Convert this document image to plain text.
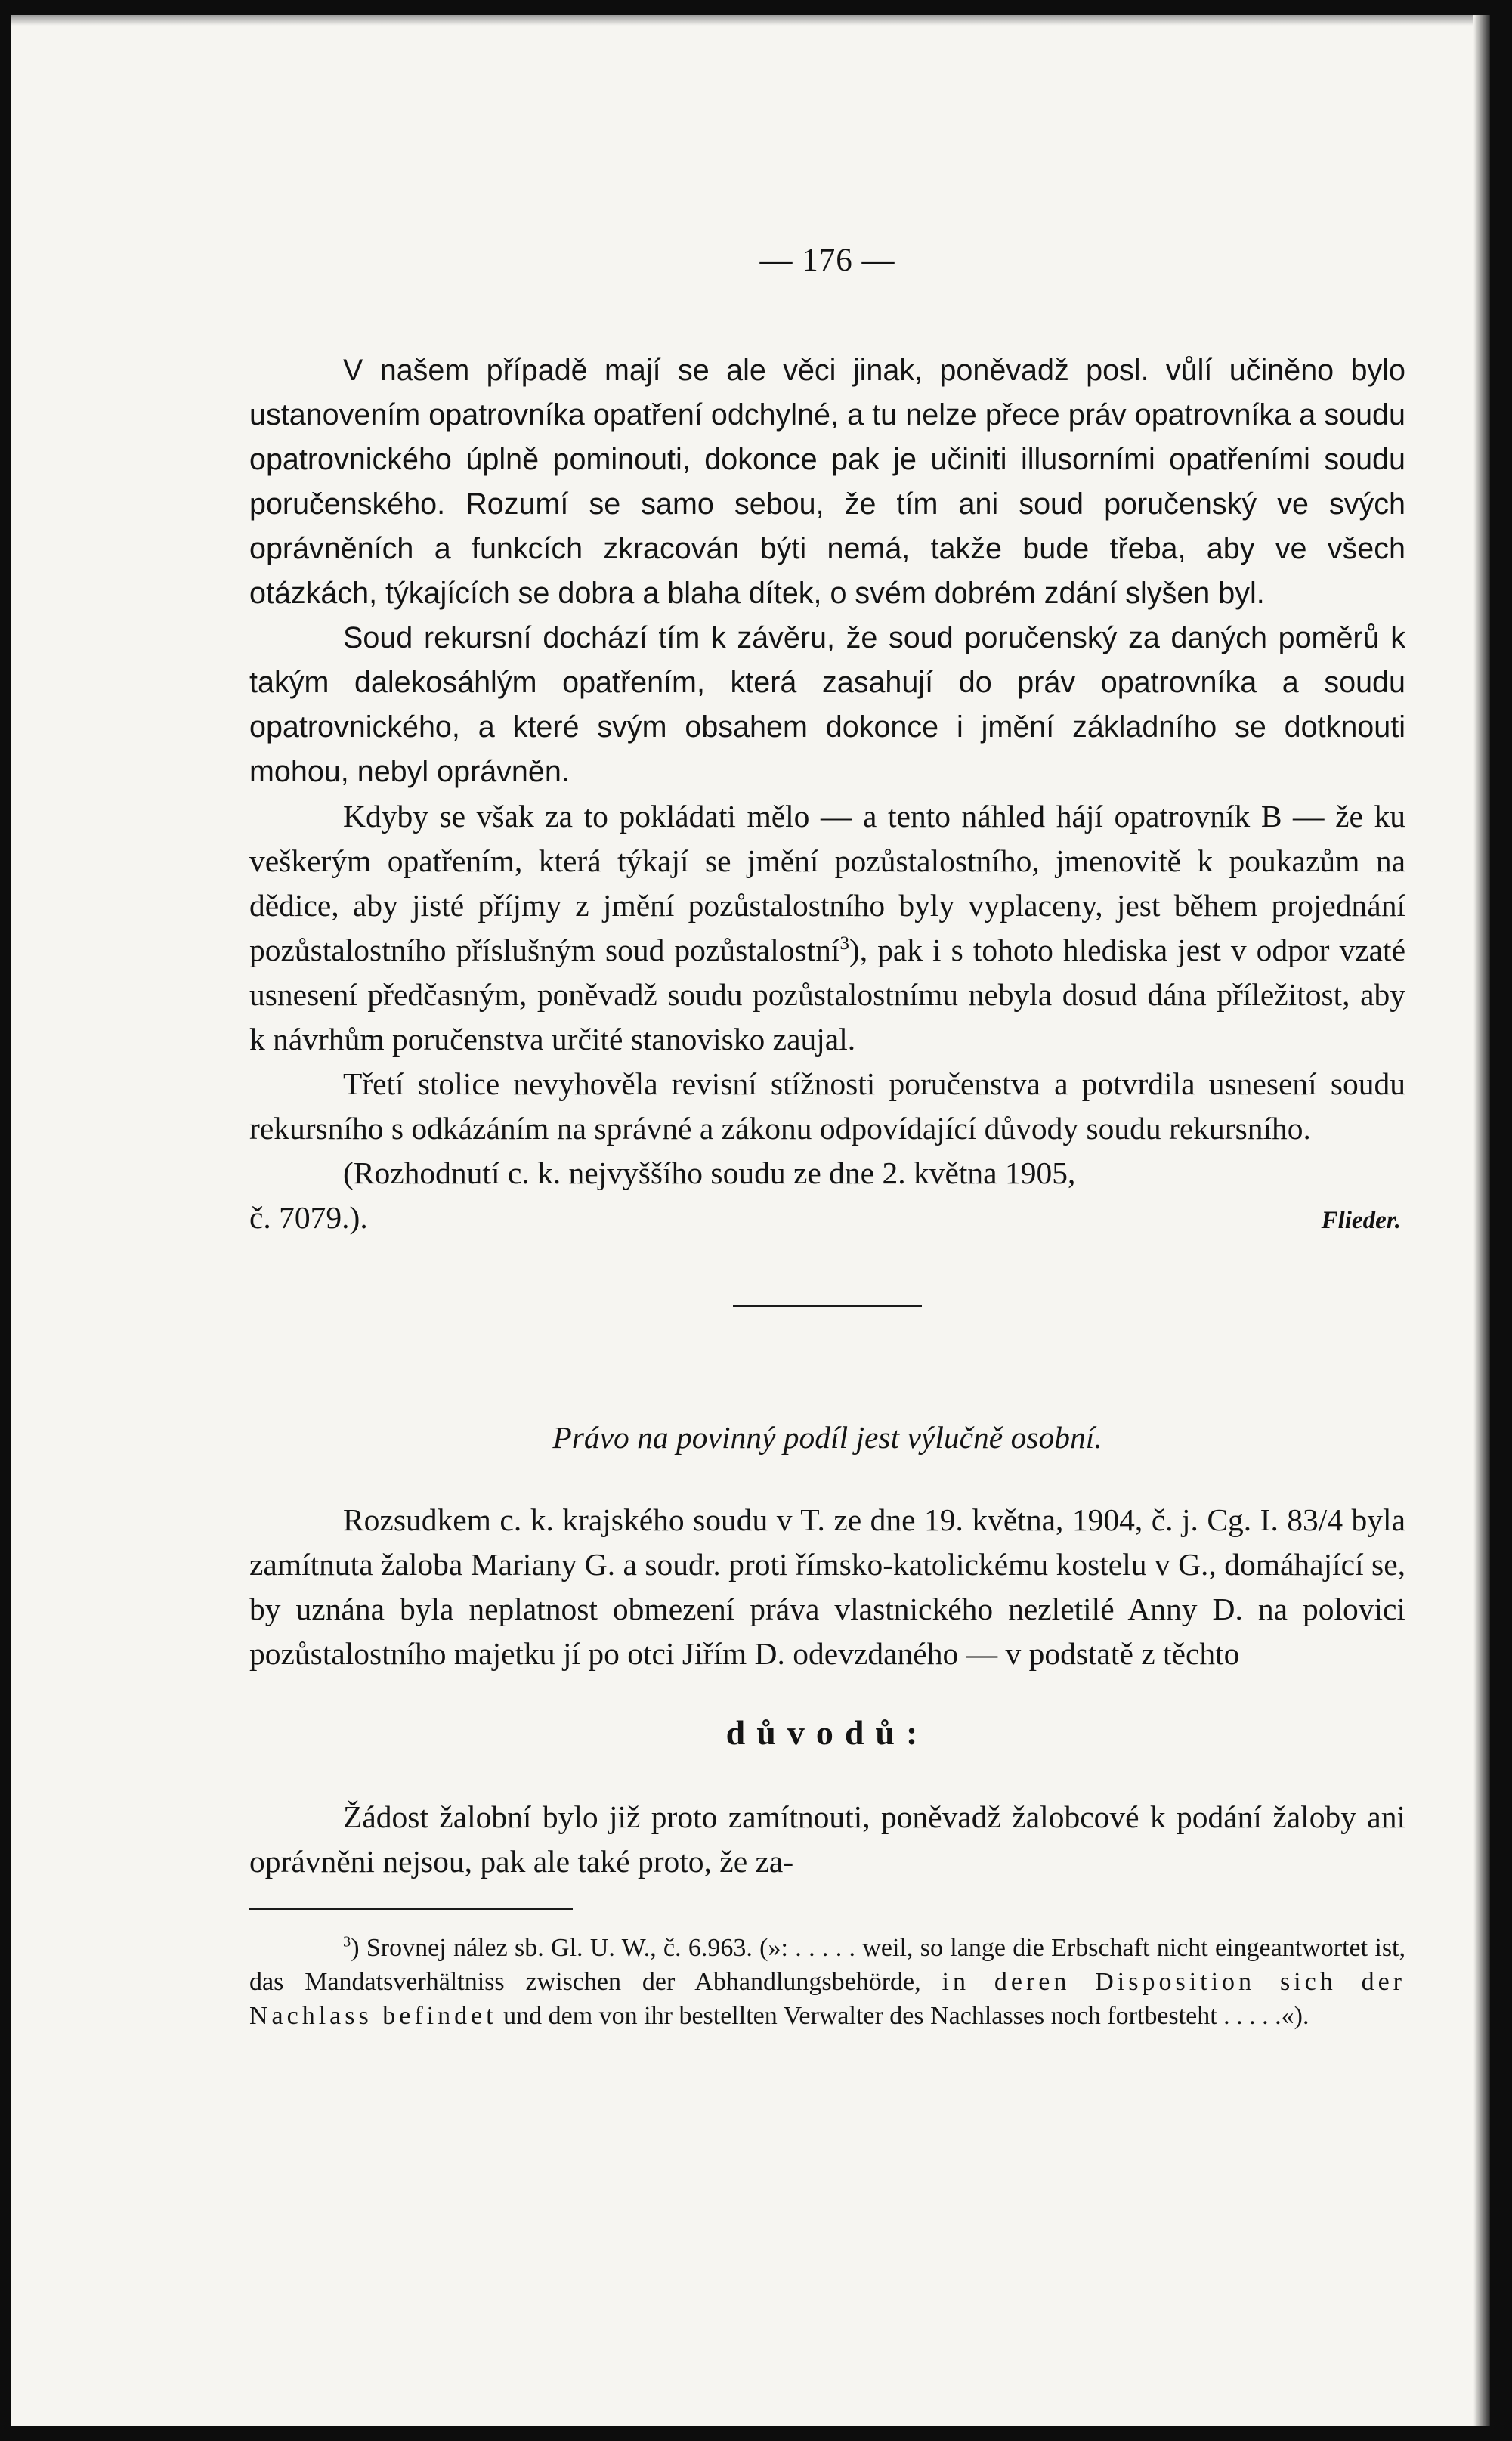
— 176 —

V našem případě mají se ale věci jinak, poněvadž posl. vůlí učiněno bylo ustanovením opatrovníka opatření odchylné, a tu nelze přece práv opatrovníka a soudu opatrovnického úplně pominouti, dokonce pak je učiniti illusorními opatřeními soudu poručenského. Rozumí se samo sebou, že tím ani soud poručenský ve svých oprávněních a funkcích zkracován býti nemá, takže bude třeba, aby ve všech otázkách, týkajících se dobra a blaha dítek, o svém dobrém zdání slyšen byl.

Soud rekursní dochází tím k závěru, že soud poručenský za daných poměrů k takým dalekosáhlým opatřením, která zasahují do práv opatrovníka a soudu opatrovnického, a které svým obsahem dokonce i jmění základního se dotknouti mohou, nebyl oprávněn.

Kdyby se však za to pokládati mělo — a tento náhled hájí opatrovník B — že ku veškerým opatřením, která týkají se jmění pozůstalostního, jmenovitě k poukazům na dědice, aby jisté příjmy z jmění pozůstalostního byly vyplaceny, jest během projednání pozůstalostního příslušným soud pozůstalostní$^3$), pak i s tohoto hlediska jest v odpor vzaté usnesení předčasným, poněvadž soudu pozůstalostnímu nebyla dosud dána příležitost, aby k návrhům poručenstva určité stanovisko zaujal.

Třetí stolice nevyhověla revisní stížnosti poručenstva a potvrdila usnesení soudu rekursního s odkázáním na správné a zákonu odpovídající důvody soudu rekursního.

(Rozhodnutí c. k. nejvyššího soudu ze dne 2. května 1905,

č. 7079.).	Flieder.
Právo na povinný podíl jest výlučně osobní.

Rozsudkem c. k. krajského soudu v T. ze dne 19. května, 1904, č. j. Cg. I. 83/4 byla zamítnuta žaloba Mariany G. a soudr. proti římsko-katolickému kostelu v G., domáhající se, by uznána byla neplatnost obmezení práva vlastnického nezletilé Anny D. na polovici pozůstalostního majetku jí po otci Jiřím D. odevzdaného — v podstatě z těchto

důvodů:

Žádost žalobní bylo již proto zamítnouti, poněvadž žalobcové k podání žaloby ani oprávněni nejsou, pak ale také proto, že za-

$^3$) Srovnej nález sb. Gl. U. W., č. 6.963. (»: . . . . . weil, so lange die Erbschaft nicht eingeantwortet ist, das Mandatsverhältniss zwischen der Abhandlungsbehörde, in deren Disposition sich der Nachlass befindet und dem von ihr bestellten Verwalter des Nachlasses noch fortbesteht . . . . .«).
